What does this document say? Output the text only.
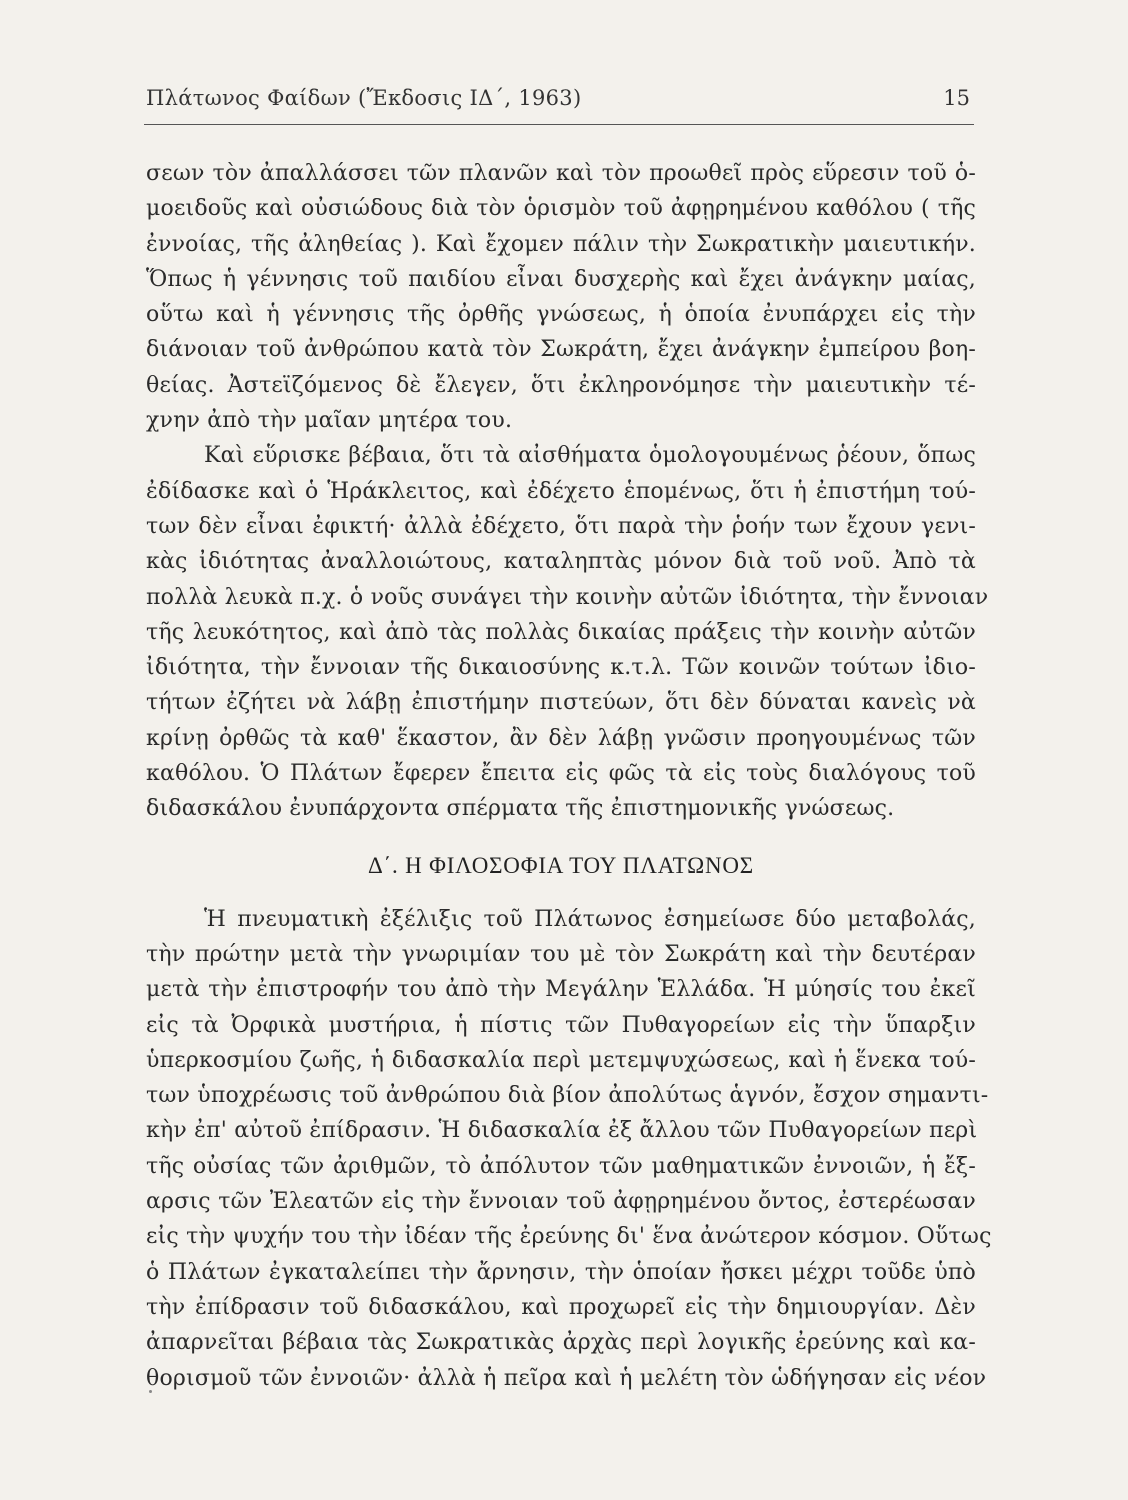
Πλάτωνος Φαίδων (Ἔκδοσις ΙΔ΄, 1963)	15
σεων τὸν ἀπαλλάσσει τῶν πλανῶν καὶ τὸν προωθεῖ πρὸς εὕρεσιν τοῦ ὁ-
μοειδοῦς καὶ οὐσιώδους διὰ τὸν ὁρισμὸν τοῦ ἀφῃρημένου καθόλου ( τῆς
ἐννοίας, τῆς ἀληθείας ). Καὶ ἔχομεν πάλιν τὴν Σωκρατικὴν μαιευτικήν.
Ὅπως ἡ γέννησις τοῦ παιδίου εἶναι δυσχερὴς καὶ ἔχει ἀνάγκην μαίας,
οὕτω καὶ ἡ γέννησις τῆς ὀρθῆς γνώσεως, ἡ ὁποία ἐνυπάρχει εἰς τὴν
διάνοιαν τοῦ ἀνθρώπου κατὰ τὸν Σωκράτη, ἔχει ἀνάγκην ἐμπείρου βοη-
θείας. Ἀστεϊζόμενος δὲ ἔλεγεν, ὅτι ἐκληρονόμησε τὴν μαιευτικὴν τέ-
χνην ἀπὸ τὴν μαῖαν μητέρα του.
Καὶ εὕρισκε βέβαια, ὅτι τὰ αἰσθήματα ὁμολογουμένως ῥέουν, ὅπως
ἐδίδασκε καὶ ὁ Ἡράκλειτος, καὶ ἐδέχετο ἑπομένως, ὅτι ἡ ἐπιστήμη τού-
των δὲν εἶναι ἐφικτή· ἀλλὰ ἐδέχετο, ὅτι παρὰ τὴν ῥοήν των ἔχουν γενι-
κὰς ἰδιότητας ἀναλλοιώτους, καταληπτὰς μόνον διὰ τοῦ νοῦ. Ἀπὸ τὰ
πολλὰ λευκὰ π.χ. ὁ νοῦς συνάγει τὴν κοινὴν αὐτῶν ἰδιότητα, τὴν ἔννοιαν
τῆς λευκότητος, καὶ ἀπὸ τὰς πολλὰς δικαίας πράξεις τὴν κοινὴν αὐτῶν
ἰδιότητα, τὴν ἔννοιαν τῆς δικαιοσύνης κ.τ.λ. Τῶν κοινῶν τούτων ἰδιο-
τήτων ἐζήτει νὰ λάβῃ ἐπιστήμην πιστεύων, ὅτι δὲν δύναται κανεὶς νὰ
κρίνῃ ὀρθῶς τὰ καθ' ἕκαστον, ἂν δὲν λάβῃ γνῶσιν προηγουμένως τῶν
καθόλου. Ὁ Πλάτων ἔφερεν ἔπειτα εἰς φῶς τὰ εἰς τοὺς διαλόγους τοῦ
διδασκάλου ἐνυπάρχοντα σπέρματα τῆς ἐπιστημονικῆς γνώσεως.
Δ΄. Η ΦΙΛΟΣΟΦΙΑ ΤΟΥ ΠΛΑΤΩΝΟΣ
Ἡ πνευματικὴ ἐξέλιξις τοῦ Πλάτωνος ἐσημείωσε δύο μεταβολάς,
τὴν πρώτην μετὰ τὴν γνωριμίαν του μὲ τὸν Σωκράτη καὶ τὴν δευτέραν
μετὰ τὴν ἐπιστροφήν του ἀπὸ τὴν Μεγάλην Ἑλλάδα. Ἡ μύησίς του ἐκεῖ
εἰς τὰ Ὀρφικὰ μυστήρια, ἡ πίστις τῶν Πυθαγορείων εἰς τὴν ὕπαρξιν
ὑπερκοσμίου ζωῆς, ἡ διδασκαλία περὶ μετεμψυχώσεως, καὶ ἡ ἕνεκα τού-
των ὑποχρέωσις τοῦ ἀνθρώπου διὰ βίον ἀπολύτως ἁγνόν, ἔσχον σημαντι-
κὴν ἐπ' αὐτοῦ ἐπίδρασιν. Ἡ διδασκαλία ἐξ ἄλλου τῶν Πυθαγορείων περὶ
τῆς οὐσίας τῶν ἀριθμῶν, τὸ ἀπόλυτον τῶν μαθηματικῶν ἐννοιῶν, ἡ ἔξ-
αρσις τῶν Ἐλεατῶν εἰς τὴν ἔννοιαν τοῦ ἀφῃρημένου ὄντος, ἐστερέωσαν
εἰς τὴν ψυχήν του τὴν ἰδέαν τῆς ἐρεύνης δι' ἕνα ἀνώτερον κόσμον. Οὕτως
ὁ Πλάτων ἐγκαταλείπει τὴν ἄρνησιν, τὴν ὁποίαν ἤσκει μέχρι τοῦδε ὑπὸ
τὴν ἐπίδρασιν τοῦ διδασκάλου, καὶ προχωρεῖ εἰς τὴν δημιουργίαν. Δὲν
ἀπαρνεῖται βέβαια τὰς Σωκρατικὰς ἀρχὰς περὶ λογικῆς ἐρεύνης καὶ κα-
θορισμοῦ τῶν ἐννοιῶν· ἀλλὰ ἡ πεῖρα καὶ ἡ μελέτη τὸν ὡδήγησαν εἰς νέον
